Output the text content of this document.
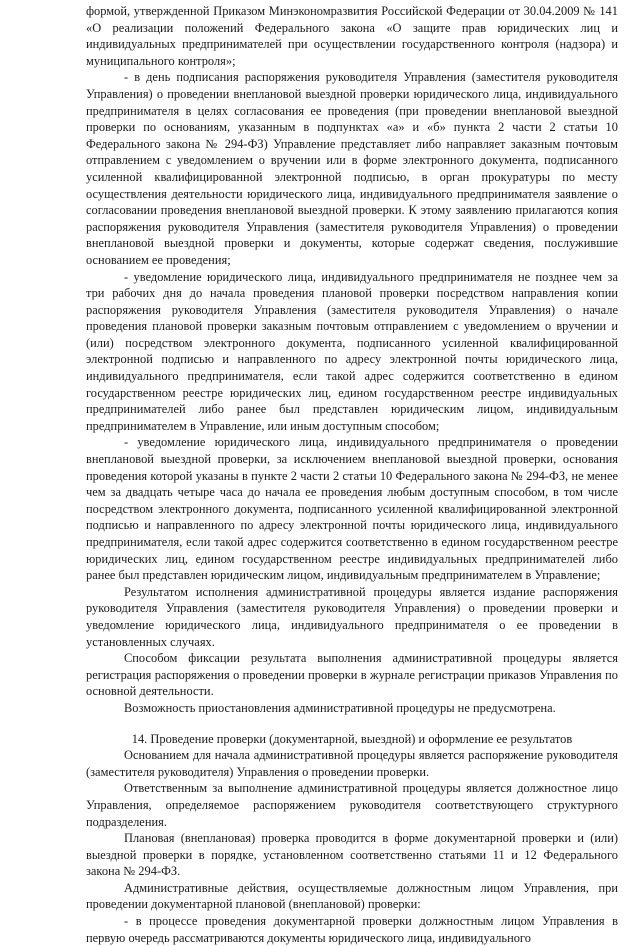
формой, утвержденной Приказом Минэкономразвития Российской Федерации от 30.04.2009 № 141 «О реализации положений Федерального закона «О защите прав юридических лиц и индивидуальных предпринимателей при осуществлении государственного контроля (надзора) и муниципального контроля»;

- в день подписания распоряжения руководителя Управления (заместителя руководителя Управления) о проведении внеплановой выездной проверки юридического лица, индивидуального предпринимателя в целях согласования ее проведения (при проведении внеплановой выездной проверки по основаниям, указанным в подпунктах «а» и «б» пункта 2 части 2 статьи 10 Федерального закона № 294-ФЗ) Управление представляет либо направляет заказным почтовым отправлением с уведомлением о вручении или в форме электронного документа, подписанного усиленной квалифицированной электронной подписью, в орган прокуратуры по месту осуществления деятельности юридического лица, индивидуального предпринимателя заявление о согласовании проведения внеплановой выездной проверки. К этому заявлению прилагаются копия распоряжения руководителя Управления (заместителя руководителя Управления) о проведении внеплановой выездной проверки и документы, которые содержат сведения, послужившие основанием ее проведения;

- уведомление юридического лица, индивидуального предпринимателя не позднее чем за три рабочих дня до начала проведения плановой проверки посредством направления копии распоряжения руководителя Управления (заместителя руководителя Управления) о начале проведения плановой проверки заказным почтовым отправлением с уведомлением о вручении и (или) посредством электронного документа, подписанного усиленной квалифицированной электронной подписью и направленного по адресу электронной почты юридического лица, индивидуального предпринимателя, если такой адрес содержится соответственно в едином государственном реестре юридических лиц, едином государственном реестре индивидуальных предпринимателей либо ранее был представлен юридическим лицом, индивидуальным предпринимателем в Управление, или иным доступным способом;

- уведомление юридического лица, индивидуального предпринимателя о проведении внеплановой выездной проверки, за исключением внеплановой выездной проверки, основания проведения которой указаны в пункте 2 части 2 статьи 10 Федерального закона № 294-ФЗ, не менее чем за двадцать четыре часа до начала ее проведения любым доступным способом, в том числе посредством электронного документа, подписанного усиленной квалифицированной электронной подписью и направленного по адресу электронной почты юридического лица, индивидуального предпринимателя, если такой адрес содержится соответственно в едином государственном реестре юридических лиц, едином государственном реестре индивидуальных предпринимателей либо ранее был представлен юридическим лицом, индивидуальным предпринимателем в Управление;

Результатом исполнения административной процедуры является издание распоряжения руководителя Управления (заместителя руководителя Управления) о проведении проверки и уведомление юридического лица, индивидуального предпринимателя о ее проведении в установленных случаях.

Способом фиксации результата выполнения административной процедуры является регистрация распоряжения о проведении проверки в журнале регистрации приказов Управления по основной деятельности.

Возможность приостановления административной процедуры не предусмотрена.

14. Проведение проверки (документарной, выездной) и оформление ее результатов

Основанием для начала административной процедуры является распоряжение руководителя (заместителя руководителя) Управления о проведении проверки.

Ответственным за выполнение административной процедуры является должностное лицо Управления, определяемое распоряжением руководителя соответствующего структурного подразделения.

Плановая (внеплановая) проверка проводится в форме документарной проверки и (или) выездной проверки в порядке, установленном соответственно статьями 11 и 12 Федерального закона № 294-ФЗ.

Административные действия, осуществляемые должностным лицом Управления, при проведении документарной плановой (внеплановой) проверки:

- в процессе проведения документарной проверки должностным лицом Управления в первую очередь рассматриваются документы юридического лица, индивидуального
